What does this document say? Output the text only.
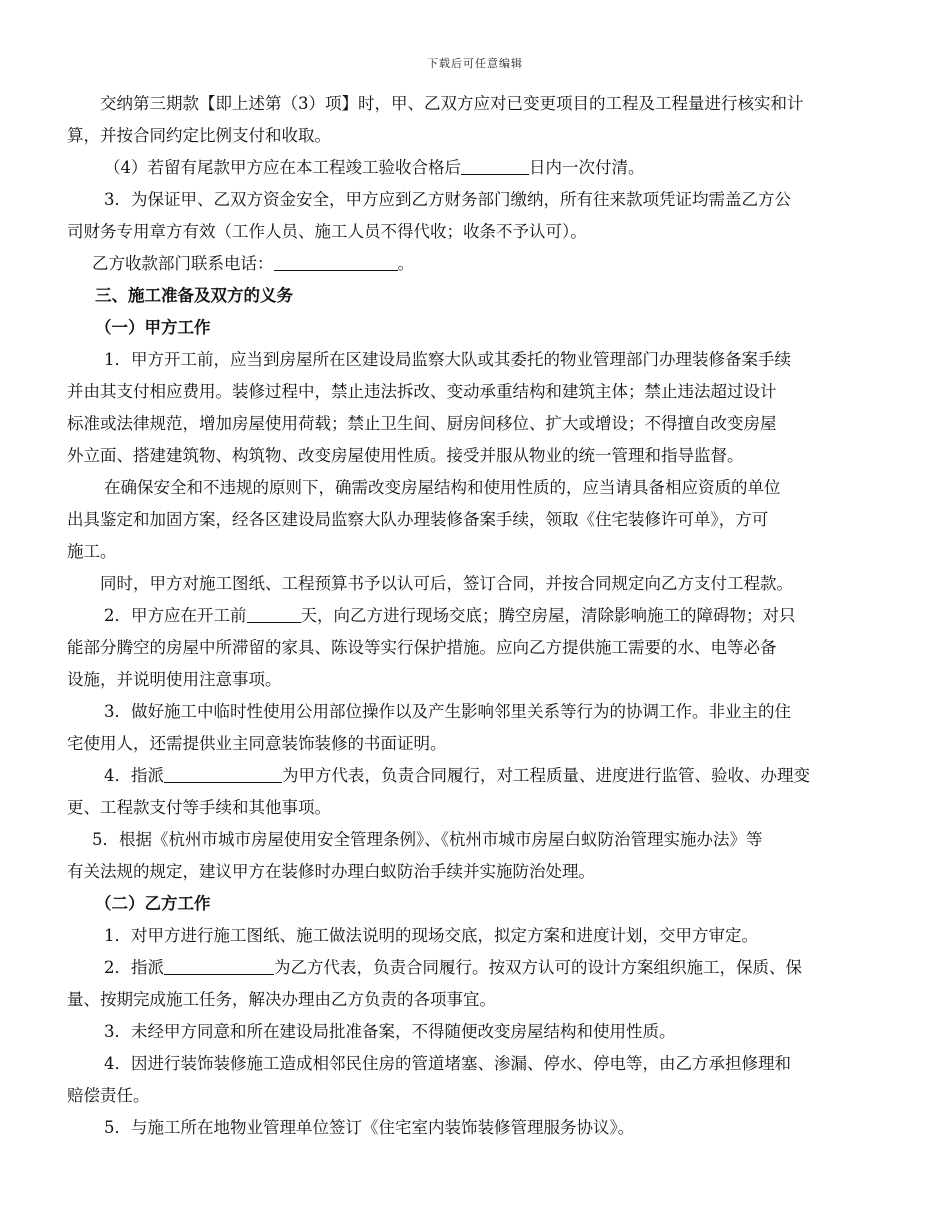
下载后可任意编辑
交纳第三期款【即上述第（3）项】时，甲、乙双方应对已变更项目的工程及工程量进行核实和计
算，并按合同约定比例支付和收取。
（4）若留有尾款甲方应在本工程竣工验收合格后	日内一次付清。
3．为保证甲、乙双方资金安全，甲方应到乙方财务部门缴纳，所有往来款项凭证均需盖乙方公
司财务专用章方有效（工作人员、施工人员不得代收；收条不予认可）。
乙方收款部门联系电话：	。
三、施工准备及双方的义务
（一）甲方工作
1．甲方开工前，应当到房屋所在区建设局监察大队或其委托的物业管理部门办理装修备案手续
并由其支付相应费用。装修过程中，禁止违法拆改、变动承重结构和建筑主体；禁止违法超过设计
标准或法律规范，增加房屋使用荷载；禁止卫生间、厨房间移位、扩大或增设；不得擅自改变房屋
外立面、搭建建筑物、构筑物、改变房屋使用性质。接受并服从物业的统一管理和指导监督。
在确保安全和不违规的原则下，确需改变房屋结构和使用性质的，应当请具备相应资质的单位
出具鉴定和加固方案，经各区建设局监察大队办理装修备案手续，领取《住宅装修许可单》，方可
施工。
同时，甲方对施工图纸、工程预算书予以认可后，签订合同，并按合同规定向乙方支付工程款。
2．甲方应在开工前	天，向乙方进行现场交底；腾空房屋，清除影响施工的障碍物；对只
能部分腾空的房屋中所滞留的家具、陈设等实行保护措施。应向乙方提供施工需要的水、电等必备
设施，并说明使用注意事项。
3．做好施工中临时性使用公用部位操作以及产生影响邻里关系等行为的协调工作。非业主的住
宅使用人，还需提供业主同意装饰装修的书面证明。
4．指派	为甲方代表，负责合同履行，对工程质量、进度进行监管、验收、办理变
更、工程款支付等手续和其他事项。
5．根据《杭州市城市房屋使用安全管理条例》、《杭州市城市房屋白蚁防治管理实施办法》等
有关法规的规定，建议甲方在装修时办理白蚁防治手续并实施防治处理。
（二）乙方工作
1．对甲方进行施工图纸、施工做法说明的现场交底，拟定方案和进度计划，交甲方审定。
2．指派	为乙方代表，负责合同履行。按双方认可的设计方案组织施工，保质、保
量、按期完成施工任务，解决办理由乙方负责的各项事宜。
3．未经甲方同意和所在建设局批准备案，不得随便改变房屋结构和使用性质。
4．因进行装饰装修施工造成相邻民住房的管道堵塞、渗漏、停水、停电等，由乙方承担修理和
赔偿责任。
5．与施工所在地物业管理单位签订《住宅室内装饰装修管理服务协议》。
